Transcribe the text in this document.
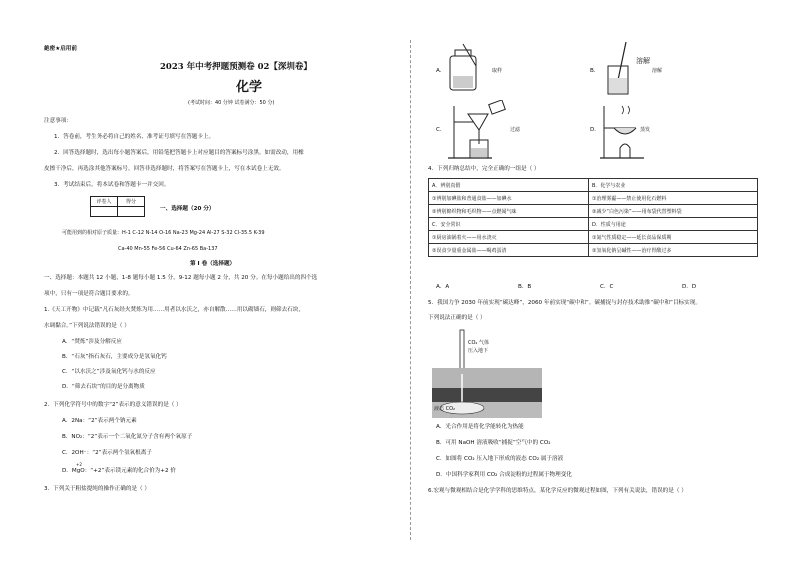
絶密★启用前
2023 年中考押题预测卷 02【深圳卷】
化学
(考试时间：40 分钟 试卷满分：50 分)
注意事项：
1．答卷前，考生务必将自己的姓名、准考证号填写在答题卡上。
2．回答选择题时，选出每小题答案后，用铅笔把答题卡上对应题目的答案标号涂黑。如需改动，用橡
皮擦干净后，再选涂其他答案标号。回答非选择题时，将答案写在答题卡上，写在本试卷上无效。
3．考试结束后，将本试卷和答题卡一并交回。
评卷人	得分

一、选择题（20 分）
可能用到的相对原子质量：H-1 C-12 N-14 O-16 Na-23 Mg-24 Al-27 S-32 Cl-35.5 K-39
Ca-40 Mn-55 Fe-56 Cu-64 Zn-65 Ba-137
第 I 卷（选择题）
一、选择题：本题共 12 小题，1-8 题每小题 1.5 分，9-12 题每小题 2 分，共 20 分。在每小题给出的四个选
项中，只有一项是符合题目要求的。
1.《天工开物》中记载“凡石灰经火焚炼为用……用者以水沃之，亦自解散……用以砌墙石，则筛去石块，
水调黏合。”下列说法错误的是（ ）
A．“焚炼”涉及分解反应
B．“石灰”指石灰石，主要成分是氢氧化钙
C．“以水沃之”涉及氧化钙与水的反应
D．“筛去石块”的目的是分离物质
2．下列化学符号中的数字“2”表示的意义错误的是（ ）
A．2Na：“2”表示两个钠元素
B．NO₂：“2”表示一个二氧化氮分子含有两个氧原子
C．2OH⁻：“2”表示两个氢氧根离子
+2
D．MgO：“+2”表示镁元素的化合价为+2 价
3．下列关于粗盐提纯的操作正确的是（ ）
A．	取样	B．
溶解
溶解
C．	过滤	D．	蒸发
4．下列归纳总结中，完全正确的一组是（ ）
A．辨别真假	B．化学与农业
①辨别加碘盐和普通食盐——加碘水	①治理雾霾——禁止使用化石燃料
②辨别棉织物和毛织物——点燃闻气味	②减少“白色污染”——用布袋代替塑料袋
C．安全常识	D．性质与用途
①厨房油锅着火——用水浇灭	①氮气性质稳定——延长食品保质期
②误食少量重金属盐——喝鸡蛋清	②氢氧化钠呈碱性——治疗胃酸过多
A．A	B．B	C．C	D．D
5．我国力争 2030 年前实现“碳达峰”，2060 年前实现“碳中和”。碳捕捉与封存技术助推“碳中和”目标实现。
下列说法正确的是（ ）
CO₂ 气体
压入地下
液态 CO₂
A．光合作用是将化学能转化为热能
B．可用 NaOH 溶液吸收“捕捉”空气中的 CO₂
C．如图将 CO₂ 压入地下形成的液态 CO₂ 属于溶液
D．中国科学家利用 CO₂ 合成淀粉的过程属于物理变化
6.宏观与微观相结合是化学学科的思维特点，某化学反应的微观过程如图，下列有关说法，错误的是（ ）
